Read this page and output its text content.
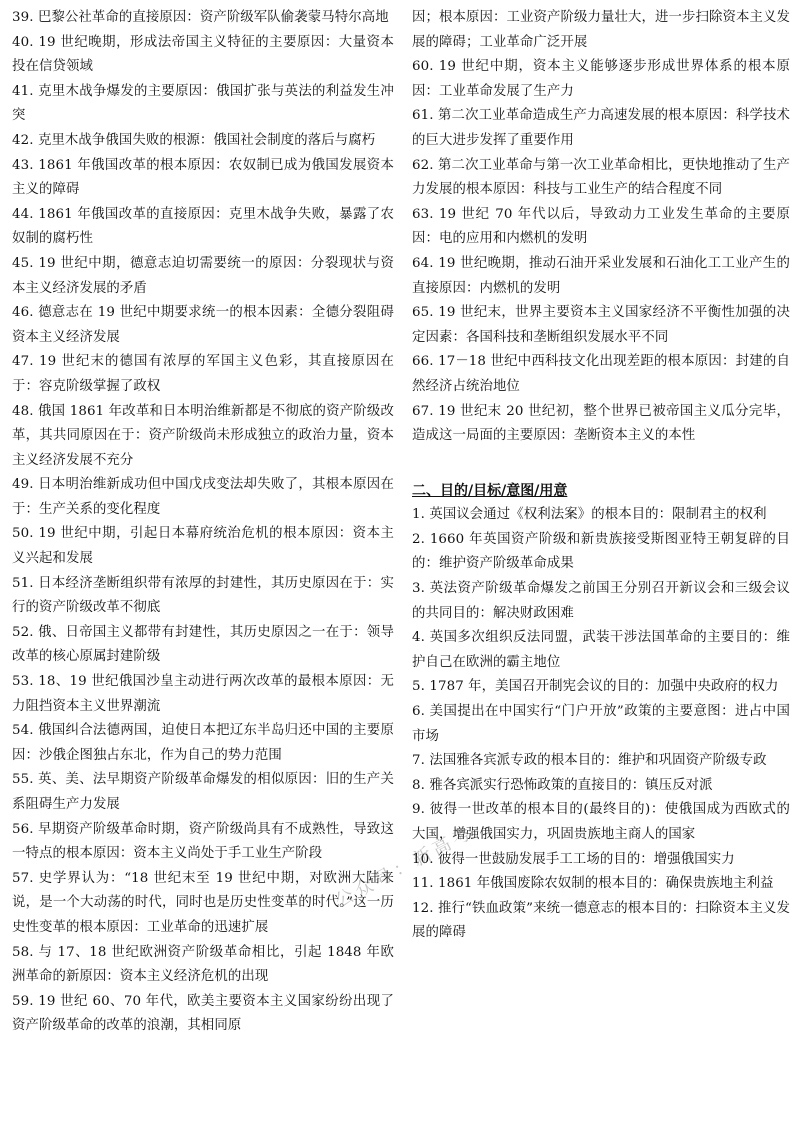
39. 巴黎公社革命的直接原因：资产阶级军队偷袭蒙马特尔高地

40. 19 世纪晚期，形成法帝国主义特征的主要原因：大量资本投在信贷领域

41. 克里木战争爆发的主要原因：俄国扩张与英法的利益发生冲突

42. 克里木战争俄国失败的根源：俄国社会制度的落后与腐朽

43. 1861 年俄国改革的根本原因：农奴制已成为俄国发展资本主义的障碍

44. 1861 年俄国改革的直接原因：克里木战争失败，暴露了农奴制的腐朽性

45. 19 世纪中期，德意志迫切需要统一的原因：分裂现状与资本主义经济发展的矛盾

46. 德意志在 19 世纪中期要求统一的根本因素：全德分裂阻碍资本主义经济发展

47. 19 世纪末的德国有浓厚的军国主义色彩，其直接原因在于：容克阶级掌握了政权

48. 俄国 1861 年改革和日本明治维新都是不彻底的资产阶级改革，其共同原因在于：资产阶级尚未形成独立的政治力量，资本主义经济发展不充分

49. 日本明治维新成功但中国戊戌变法却失败了，其根本原因在于：生产关系的变化程度

50. 19 世纪中期，引起日本幕府统治危机的根本原因：资本主义兴起和发展

51. 日本经济垄断组织带有浓厚的封建性，其历史原因在于：实行的资产阶级改革不彻底

52. 俄、日帝国主义都带有封建性，其历史原因之一在于：领导改革的核心原属封建阶级

53. 18、19 世纪俄国沙皇主动进行两次改革的最根本原因：无力阻挡资本主义世界潮流

54. 俄国纠合法德两国，迫使日本把辽东半岛归还中国的主要原因：沙俄企图独占东北，作为自己的势力范围

55. 英、美、法早期资产阶级革命爆发的相似原因：旧的生产关系阻碍生产力发展

56. 早期资产阶级革命时期，资产阶级尚具有不成熟性，导致这一特点的根本原因：资本主义尚处于手工业生产阶段

57. 史学界认为：“18 世纪末至 19 世纪中期，对欧洲大陆来说，是一个大动荡的时代，同时也是历史性变革的时代。”这一历史性变革的根本原因：工业革命的迅速扩展

58. 与 17、18 世纪欧洲资产阶级革命相比，引起 1848 年欧洲革命的新原因：资本主义经济危机的出现

59. 19 世纪 60、70 年代，欧美主要资本主义国家纷纷出现了资产阶级革命的改革的浪潮，其相同原

因；根本原因：工业资产阶级力量壮大，进一步扫除资本主义发展的障碍；工业革命广泛开展

60. 19 世纪中期，资本主义能够逐步形成世界体系的根本原因：工业革命发展了生产力

61. 第二次工业革命造成生产力高速发展的根本原因：科学技术的巨大进步发挥了重要作用

62. 第二次工业革命与第一次工业革命相比，更快地推动了生产力发展的根本原因：科技与工业生产的结合程度不同

63. 19 世纪 70 年代以后，导致动力工业发生革命的主要原因：电的应用和内燃机的发明

64. 19 世纪晚期，推动石油开采业发展和石油化工工业产生的直接原因：内燃机的发明

65. 19 世纪末，世界主要资本主义国家经济不平衡性加强的决定因素：各国科技和垄断组织发展水平不同

66. 17－18 世纪中西科技文化出现差距的根本原因：封建的自然经济占统治地位

67. 19 世纪末 20 世纪初，整个世界已被帝国主义瓜分完毕，造成这一局面的主要原因：垄断资本主义的本性

二、目的/目标/意图/用意

1. 英国议会通过《权利法案》的根本目的：限制君主的权利

2. 1660 年英国资产阶级和新贵族接受斯图亚特王朝复辟的目的：维护资产阶级革命成果

3. 英法资产阶级革命爆发之前国王分别召开新议会和三级会议的共同目的：解决财政困难

4. 英国多次组织反法同盟，武装干涉法国革命的主要目的：维护自己在欧洲的霸主地位

5. 1787 年，美国召开制宪会议的目的：加强中央政府的权力

6. 美国提出在中国实行“门户开放”政策的主要意图：进占中国市场

7. 法国雅各宾派专政的根本目的：维护和巩固资产阶级专政

8. 雅各宾派实行恐怖政策的直接目的：镇压反对派

9. 彼得一世改革的根本目的(最终目的)：使俄国成为西欧式的大国，增强俄国实力，巩固贵族地主商人的国家

10. 彼得一世鼓励发展手工工场的目的：增强俄国实力

11. 1861 年俄国废除农奴制的根本目的：确保贵族地主利益

12. 推行“铁血政策”来统一德意志的根本目的：扫除资本主义发展的障碍

公众号：新高考
